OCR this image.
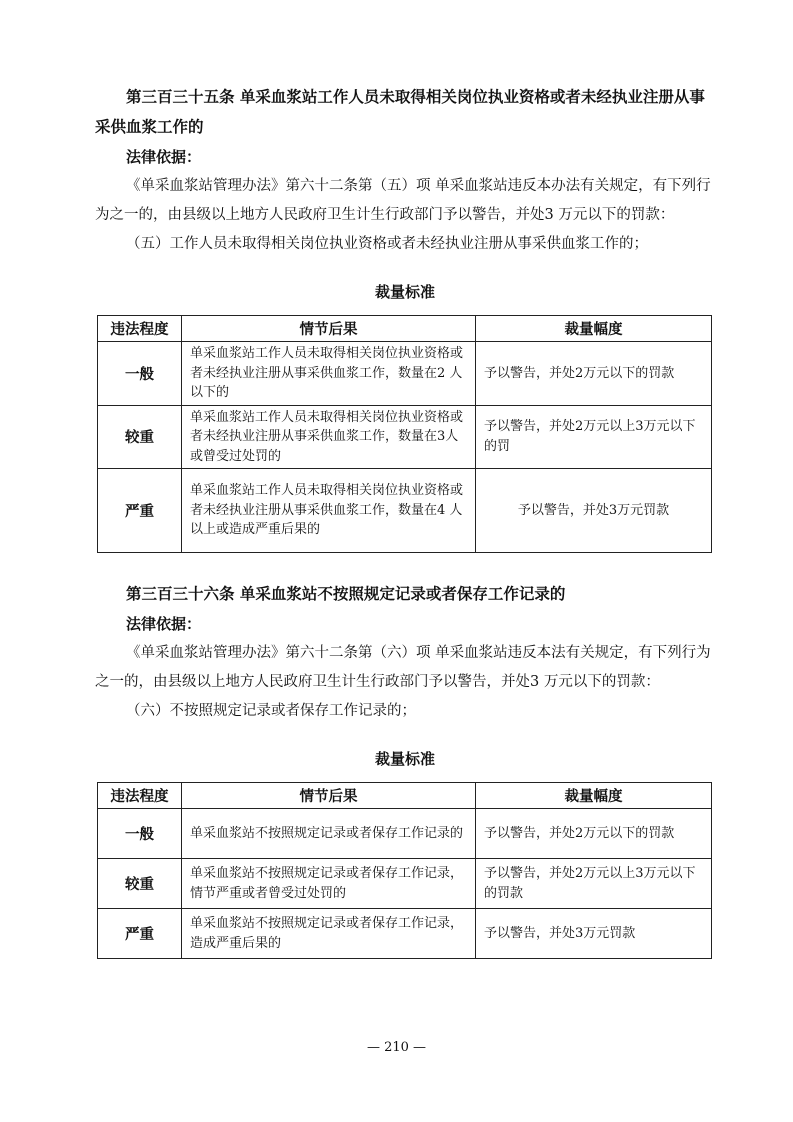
第三百三十五条 单采血浆站工作人员未取得相关岗位执业资格或者未经执业注册从事采供血浆工作的

法律依据：

《单采血浆站管理办法》第六十二条第（五）项 单采血浆站违反本办法有关规定，有下列行为之一的，由县级以上地方人民政府卫生计生行政部门予以警告，并处3 万元以下的罚款：

（五）工作人员未取得相关岗位执业资格或者未经执业注册从事采供血浆工作的；

裁量标准
违法程度	情节后果	裁量幅度
一般	单采血浆站工作人员未取得相关岗位执业资格或者未经执业注册从事采供血浆工作，数量在2 人以下的	予以警告，并处2万元以下的罚款
较重	单采血浆站工作人员未取得相关岗位执业资格或者未经执业注册从事采供血浆工作，数量在3人或曾受过处罚的	予以警告，并处2万元以上3万元以下的罚
严重	单采血浆站工作人员未取得相关岗位执业资格或者未经执业注册从事采供血浆工作，数量在4 人以上或造成严重后果的	予以警告，并处3万元罚款

第三百三十六条 单采血浆站不按照规定记录或者保存工作记录的

法律依据：

《单采血浆站管理办法》第六十二条第（六）项 单采血浆站违反本法有关规定，有下列行为之一的，由县级以上地方人民政府卫生计生行政部门予以警告，并处3 万元以下的罚款：

（六）不按照规定记录或者保存工作记录的；

裁量标准
违法程度	情节后果	裁量幅度
一般	单采血浆站不按照规定记录或者保存工作记录的	予以警告，并处2万元以下的罚款
较重	单采血浆站不按照规定记录或者保存工作记录，情节严重或者曾受过处罚的	予以警告，并处2万元以上3万元以下的罚款
严重	单采血浆站不按照规定记录或者保存工作记录，造成严重后果的	予以警告，并处3万元罚款
— 210 —
